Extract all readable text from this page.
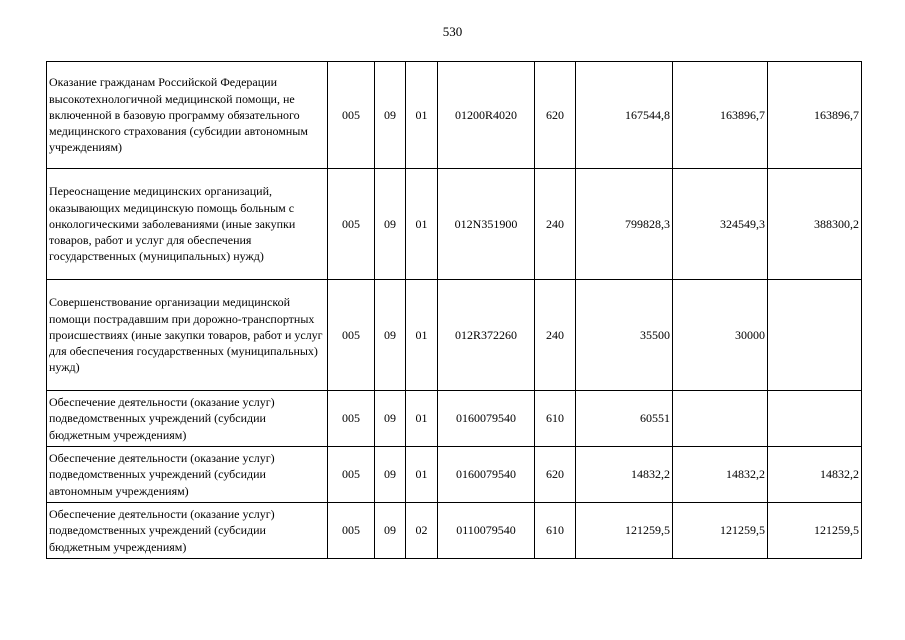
530
Оказание гражданам Российской Федерации высокотехнологичной медицинской помощи, не включенной в базовую программу обязательного медицинского страхования (субсидии автономным учреждениям)	005	09	01	01200R4020	620	167544,8	163896,7	163896,7
Переоснащение медицинских организаций, оказывающих медицинскую помощь больным с онкологическими заболеваниями (иные закупки товаров, работ и услуг для обеспечения государственных (муниципальных) нужд)	005	09	01	012N351900	240	799828,3	324549,3	388300,2
Совершенствование организации медицинской помощи пострадавшим при дорожно-транспортных происшествиях (иные закупки товаров, работ и услуг для обеспечения государственных (муниципальных) нужд)	005	09	01	012R372260	240	35500	30000	
Обеспечение деятельности (оказание услуг) подведомственных учреждений (субсидии бюджетным учреждениям)	005	09	01	0160079540	610	60551		
Обеспечение деятельности (оказание услуг) подведомственных учреждений (субсидии автономным учреждениям)	005	09	01	0160079540	620	14832,2	14832,2	14832,2
Обеспечение деятельности (оказание услуг) подведомственных учреждений (субсидии бюджетным учреждениям)	005	09	02	0110079540	610	121259,5	121259,5	121259,5
